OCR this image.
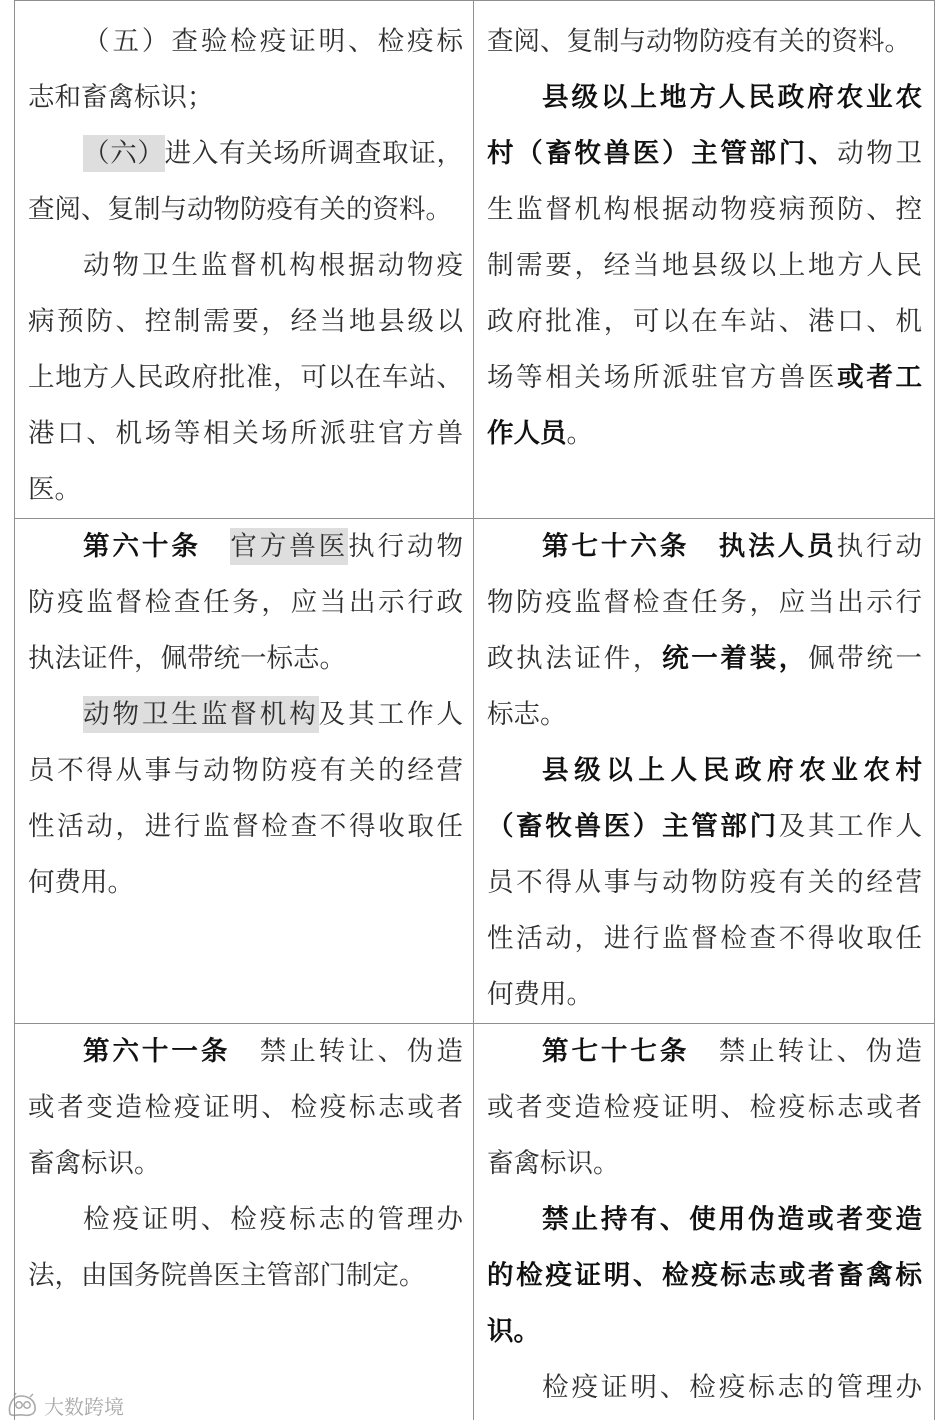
（五）查验检疫证明、检疫标
志和畜禽标识；
（六）进入有关场所调查取证，
查阅、复制与动物防疫有关的资料。
动物卫生监督机构根据动物疫
病预防、控制需要，经当地县级以
上地方人民政府批准，可以在车站、
港口、机场等相关场所派驻官方兽
医。
查阅、复制与动物防疫有关的资料。
县级以上地方人民政府农业农
村（畜牧兽医）主管部门、动物卫
生监督机构根据动物疫病预防、控
制需要，经当地县级以上地方人民
政府批准，可以在车站、港口、机
场等相关场所派驻官方兽医或者工
作人员。
第六十条　官方兽医执行动物
防疫监督检查任务，应当出示行政
执法证件，佩带统一标志。
动物卫生监督机构及其工作人
员不得从事与动物防疫有关的经营
性活动，进行监督检查不得收取任
何费用。
第七十六条　执法人员执行动
物防疫监督检查任务，应当出示行
政执法证件，统一着装，佩带统一
标志。
县级以上人民政府农业农村
（畜牧兽医）主管部门及其工作人
员不得从事与动物防疫有关的经营
性活动，进行监督检查不得收取任
何费用。
第六十一条　禁止转让、伪造
或者变造检疫证明、检疫标志或者
畜禽标识。
检疫证明、检疫标志的管理办
法，由国务院兽医主管部门制定。
第七十七条　禁止转让、伪造
或者变造检疫证明、检疫标志或者
畜禽标识。
禁止持有、使用伪造或者变造
的检疫证明、检疫标志或者畜禽标
识。
检疫证明、检疫标志的管理办
大数跨境
